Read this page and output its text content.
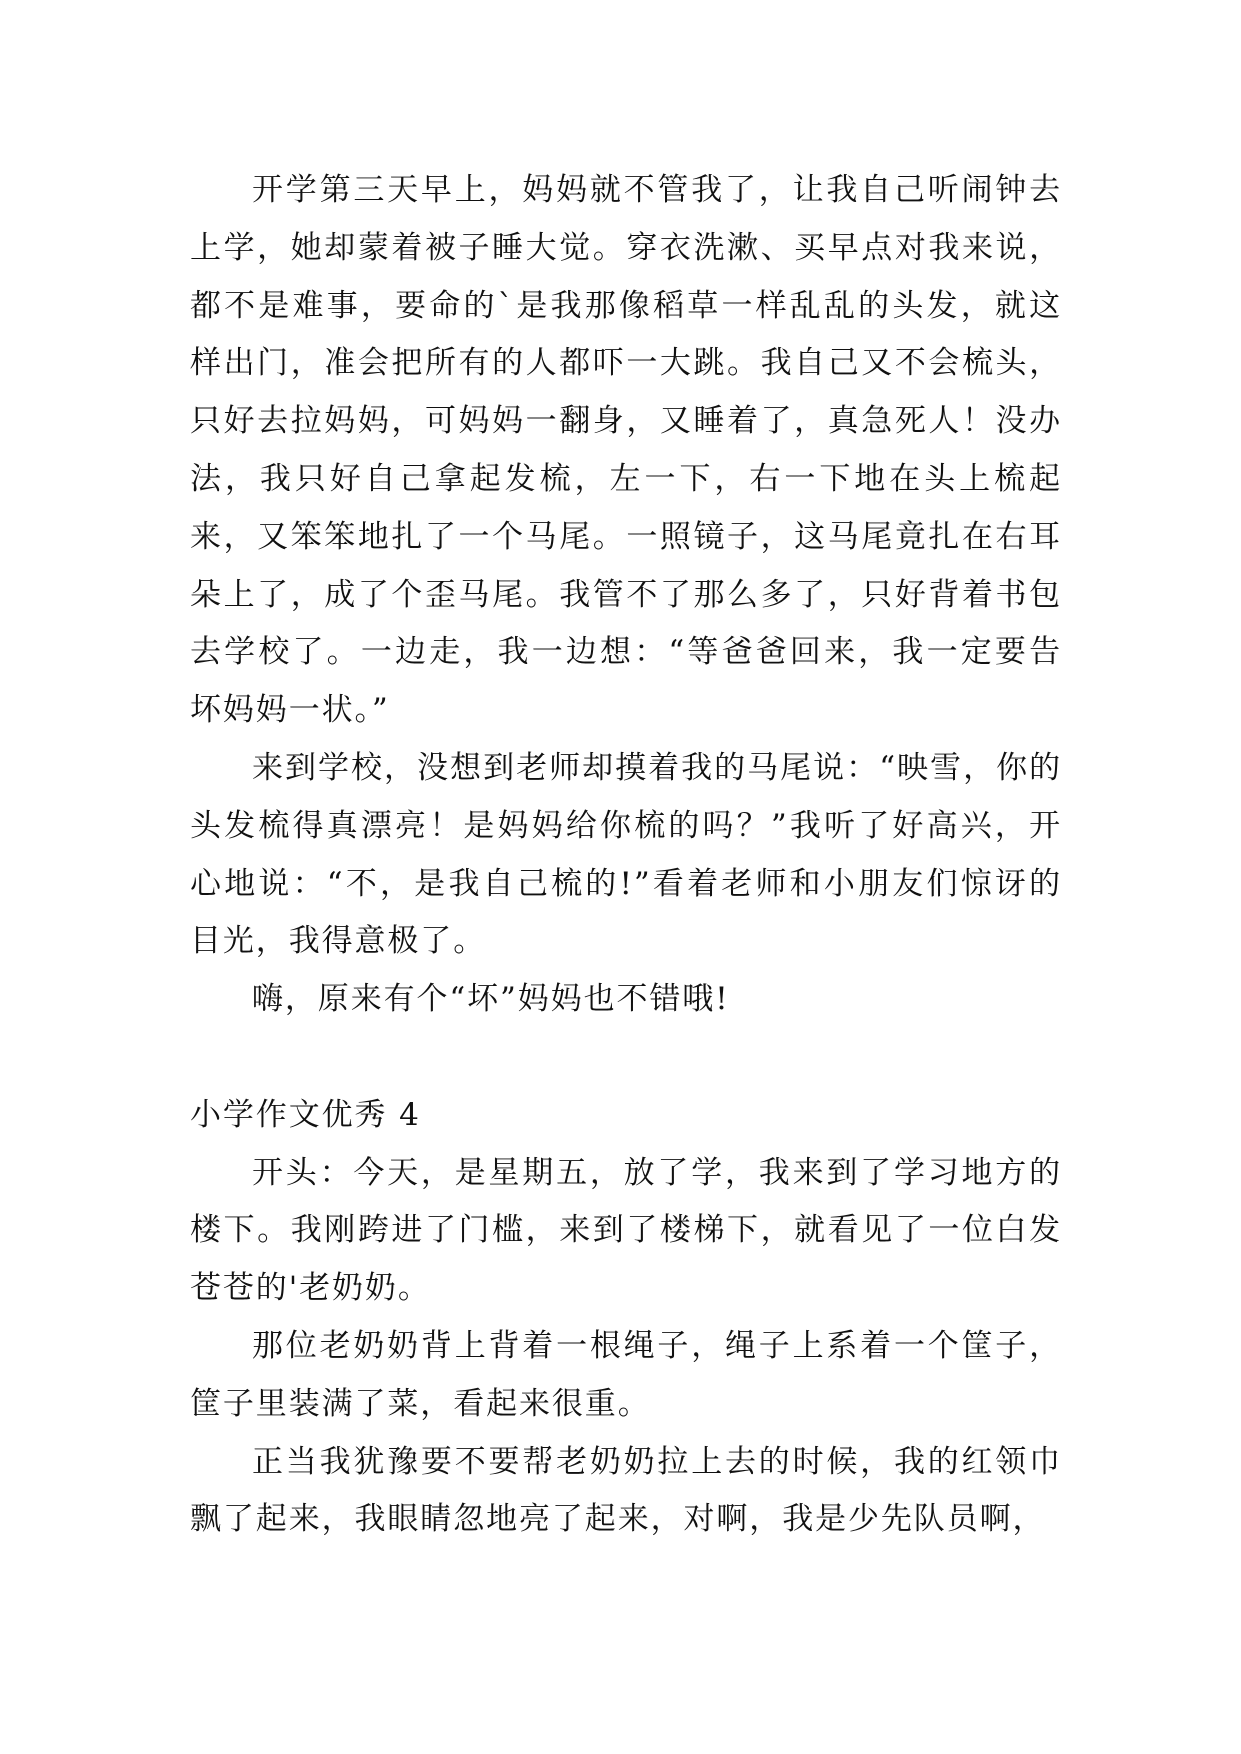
开学第三天早上，妈妈就不管我了，让我自己听闹钟去上学，她却蒙着被子睡大觉。穿衣洗漱、买早点对我来说，都不是难事，要命的`是我那像稻草一样乱乱的头发，就这样出门，准会把所有的人都吓一大跳。我自己又不会梳头，只好去拉妈妈，可妈妈一翻身，又睡着了，真急死人！没办法，我只好自己拿起发梳，左一下，右一下地在头上梳起来，又笨笨地扎了一个马尾。一照镜子，这马尾竟扎在右耳朵上了，成了个歪马尾。我管不了那么多了，只好背着书包去学校了。一边走，我一边想：“等爸爸回来，我一定要告坏妈妈一状。”

来到学校，没想到老师却摸着我的马尾说：“映雪，你的头发梳得真漂亮！是妈妈给你梳的吗？”我听了好高兴，开心地说：“不，是我自己梳的!”看着老师和小朋友们惊讶的目光，我得意极了。

嗨，原来有个“坏”妈妈也不错哦!

小学作文优秀 4

开头：今天，是星期五，放了学，我来到了学习地方的楼下。我刚跨进了门槛，来到了楼梯下，就看见了一位白发苍苍的'老奶奶。

那位老奶奶背上背着一根绳子，绳子上系着一个筐子，筐子里装满了菜，看起来很重。

正当我犹豫要不要帮老奶奶拉上去的时候，我的红领巾飘了起来，我眼睛忽地亮了起来，对啊，我是少先队员啊，
